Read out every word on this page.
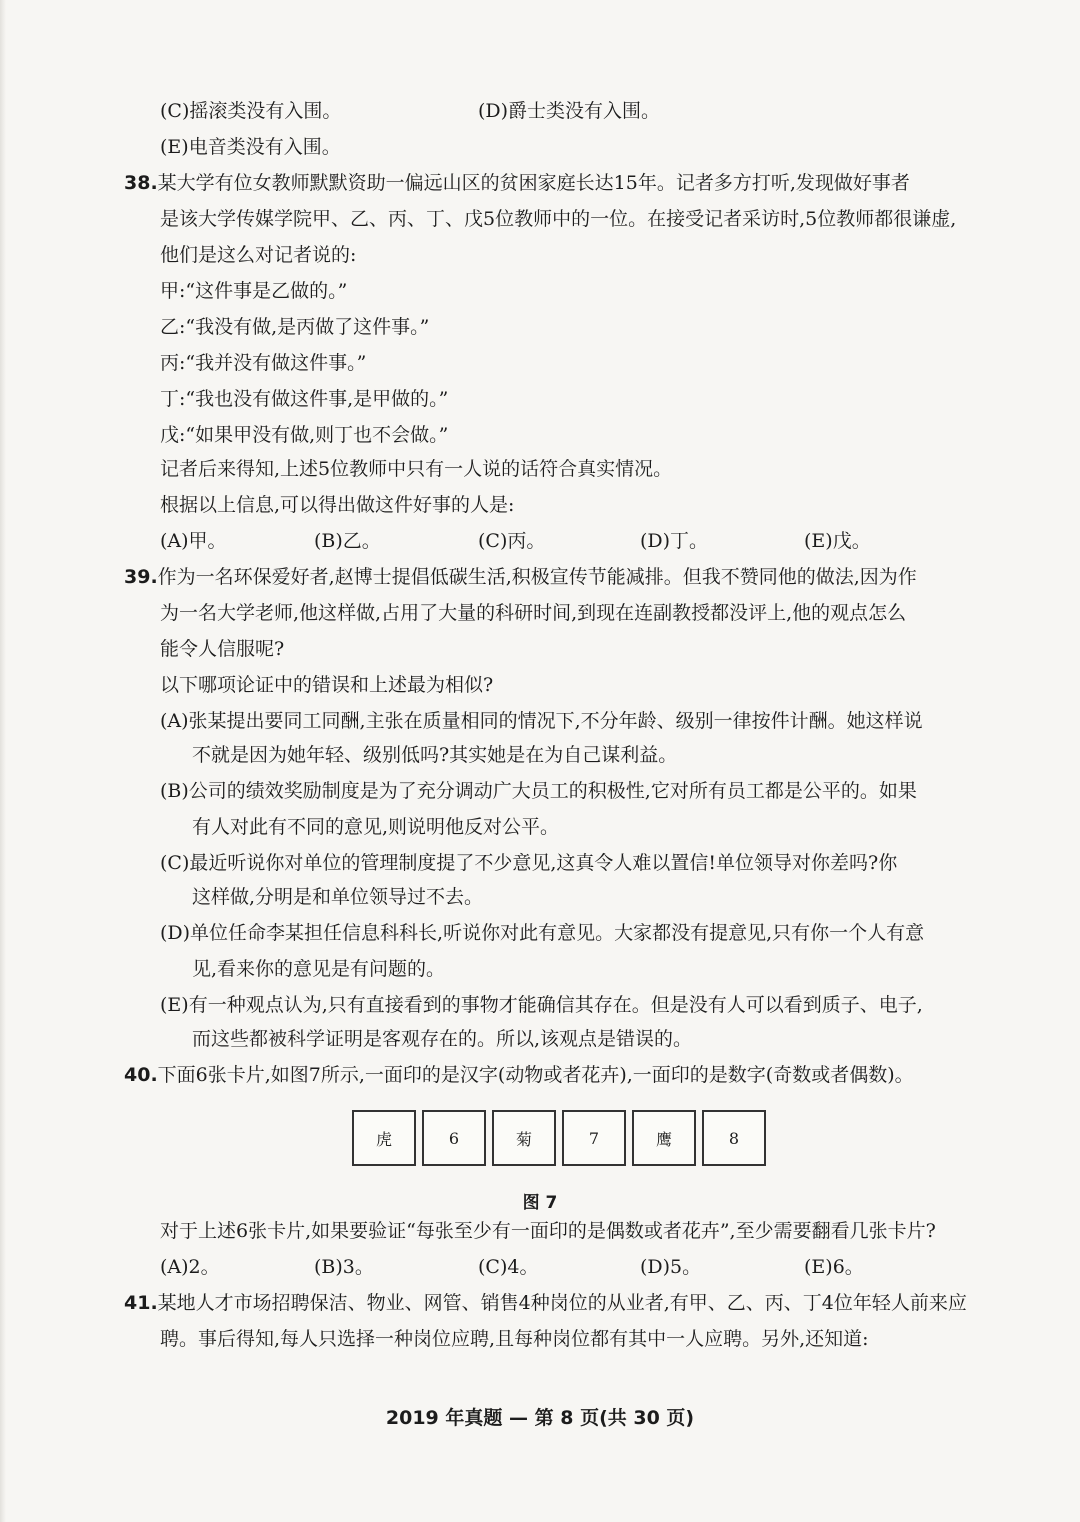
(C)摇滚类没有入围。	(D)爵士类没有入围。
(E)电音类没有入围。
38.某大学有位女教师默默资助一偏远山区的贫困家庭长达15年。记者多方打听,发现做好事者
是该大学传媒学院甲、乙、丙、丁、戊5位教师中的一位。在接受记者采访时,5位教师都很谦虚,
他们是这么对记者说的:
甲:“这件事是乙做的。”
乙:“我没有做,是丙做了这件事。”
丙:“我并没有做这件事。”
丁:“我也没有做这件事,是甲做的。”
戊:“如果甲没有做,则丁也不会做。”
记者后来得知,上述5位教师中只有一人说的话符合真实情况。
根据以上信息,可以得出做这件好事的人是:
(A)甲。	(B)乙。	(C)丙。	(D)丁。	(E)戊。
39.作为一名环保爱好者,赵博士提倡低碳生活,积极宣传节能减排。但我不赞同他的做法,因为作
为一名大学老师,他这样做,占用了大量的科研时间,到现在连副教授都没评上,他的观点怎么
能令人信服呢?
以下哪项论证中的错误和上述最为相似?
(A)张某提出要同工同酬,主张在质量相同的情况下,不分年龄、级别一律按件计酬。她这样说
不就是因为她年轻、级别低吗?其实她是在为自己谋利益。
(B)公司的绩效奖励制度是为了充分调动广大员工的积极性,它对所有员工都是公平的。如果
有人对此有不同的意见,则说明他反对公平。
(C)最近听说你对单位的管理制度提了不少意见,这真令人难以置信!单位领导对你差吗?你
这样做,分明是和单位领导过不去。
(D)单位任命李某担任信息科科长,听说你对此有意见。大家都没有提意见,只有你一个人有意
见,看来你的意见是有问题的。
(E)有一种观点认为,只有直接看到的事物才能确信其存在。但是没有人可以看到质子、电子,
而这些都被科学证明是客观存在的。所以,该观点是错误的。
40.下面6张卡片,如图7所示,一面印的是汉字(动物或者花卉),一面印的是数字(奇数或者偶数)。
虎	6	菊	7	鹰	8
图 7
对于上述6张卡片,如果要验证“每张至少有一面印的是偶数或者花卉”,至少需要翻看几张卡片?
(A)2。	(B)3。	(C)4。	(D)5。	(E)6。
41.某地人才市场招聘保洁、物业、网管、销售4种岗位的从业者,有甲、乙、丙、丁4位年轻人前来应
聘。事后得知,每人只选择一种岗位应聘,且每种岗位都有其中一人应聘。另外,还知道:
2019 年真题 — 第 8 页(共 30 页)
